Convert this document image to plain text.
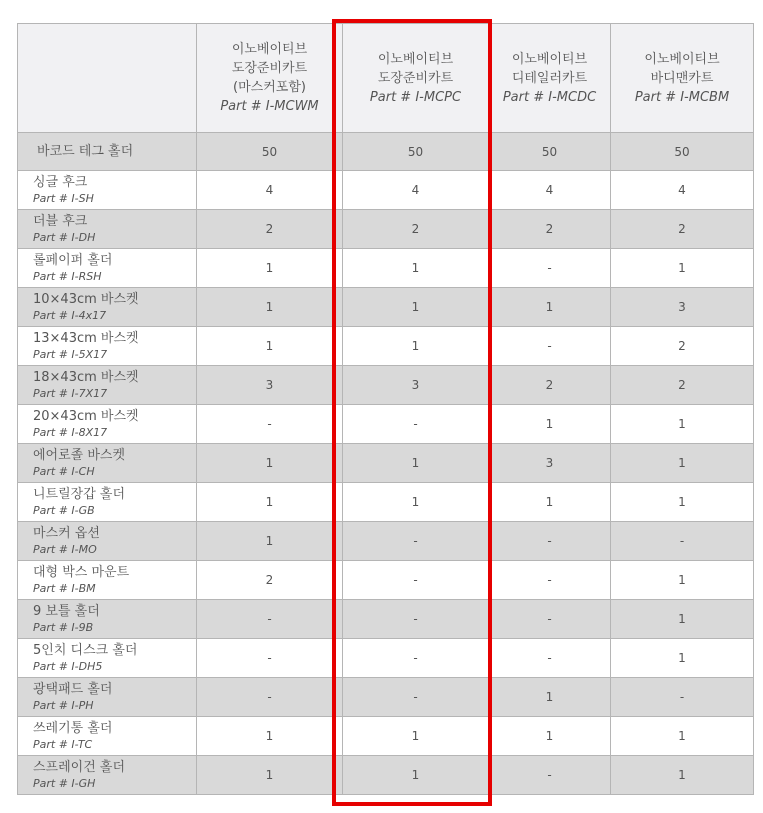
	이노베이티브
도장준비카트
(마스커포함)
Part # I-MCWM	이노베이티브
도장준비카트
Part # I-MCPC	이노베이티브
디테일러카트
Part # I-MCDC	이노베이티브
바디맨카트
Part # I-MCBM

바코드 테그 홀더	50	50	50	50

싱글 후크
Part # I-SH	4	4	4	4

더블 후크
Part # I-DH	2	2	2	2

롤페이퍼 홀더
Part # I-RSH	1	1	-	1

10×43cm 바스켓
Part # I-4x17	1	1	1	3

13×43cm 바스켓
Part # I-5X17	1	1	-	2

18×43cm 바스켓
Part # I-7X17	3	3	2	2

20×43cm 바스켓
Part # I-8X17	-	-	1	1

에어로졸 바스켓
Part # I-CH	1	1	3	1

니트릴장갑 홀더
Part # I-GB	1	1	1	1

마스커 옵션
Part # I-MO	1	-	-	-

대형 박스 마운트
Part # I-BM	2	-	-	1

9 보틀 홀더
Part # I-9B	-	-	-	1

5인치 디스크 홀더
Part # I-DH5	-	-	-	1

광택패드 홀더
Part # I-PH	-	-	1	-

쓰레기통 홀더
Part # I-TC	1	1	1	1

스프레이건 홀더
Part # I-GH	1	1	-	1
